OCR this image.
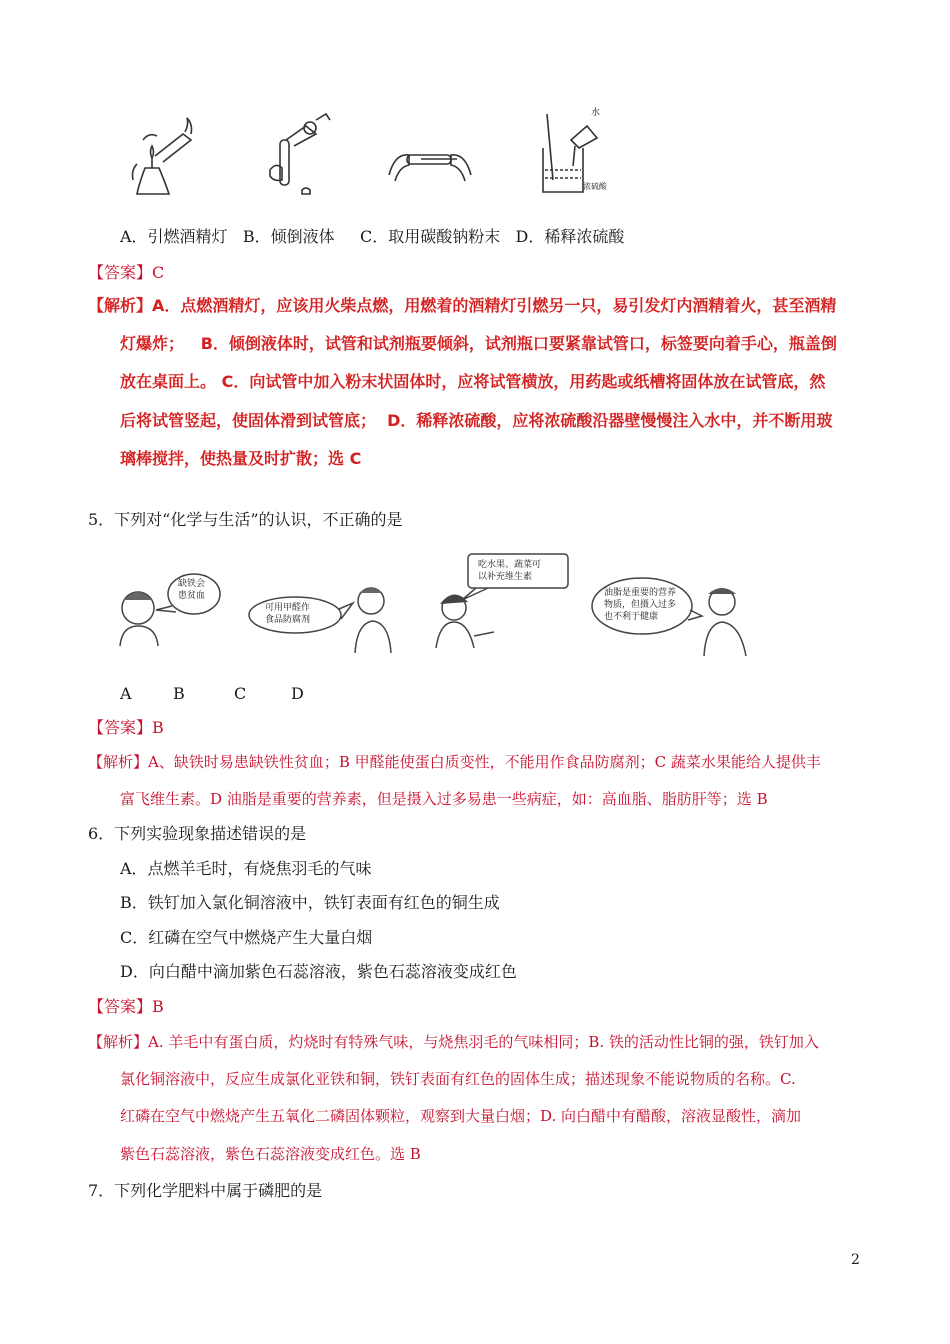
水
浓硫酸
A．引燃酒精灯   B．倾倒液体     C．取用碳酸钠粉末   D．稀释浓硫酸
【答案】C
【解析】A．点燃酒精灯，应该用火柴点燃，用燃着的酒精灯引燃另一只，易引发灯内酒精着火，甚至酒精
灯爆炸；   B．倾倒液体时，试管和试剂瓶要倾斜，试剂瓶口要紧靠试管口，标签要向着手心，瓶盖倒
放在桌面上。 C．向试管中加入粉末状固体时，应将试管横放，用药匙或纸槽将固体放在试管底，然
后将试管竖起，使固体滑到试管底；  D．稀释浓硫酸，应将浓硫酸沿器壁慢慢注入水中，并不断用玻
璃棒搅拌，使热量及时扩散；选 C
5．下列对“化学与生活”的认识，不正确的是
缺铁会
患贫血
可用甲醛作
食品防腐剂
吃水果、蔬菜可
以补充维生素
油脂是重要的营养
物质，但摄入过多
也不利于健康
A	B	C	D
【答案】B
【解析】A、缺铁时易患缺铁性贫血；B 甲醛能使蛋白质变性，不能用作食品防腐剂；C 蔬菜水果能给人提供丰
富飞维生素。D 油脂是重要的营养素，但是摄入过多易患一些病症，如：高血脂、脂肪肝等；选 B
6．下列实验现象描述错误的是
A．点燃羊毛时，有烧焦羽毛的气味
B．铁钉加入氯化铜溶液中，铁钉表面有红色的铜生成
C．红磷在空气中燃烧产生大量白烟
D．向白醋中滴加紫色石蕊溶液，紫色石蕊溶液变成红色
【答案】B
【解析】A. 羊毛中有蛋白质，灼烧时有特殊气味，与烧焦羽毛的气味相同；B. 铁的活动性比铜的强，铁钉加入
氯化铜溶液中，反应生成氯化亚铁和铜，铁钉表面有红色的固体生成；描述现象不能说物质的名称。C.
红磷在空气中燃烧产生五氧化二磷固体颗粒，观察到大量白烟；D. 向白醋中有醋酸，溶液显酸性，滴加
紫色石蕊溶液，紫色石蕊溶液变成红色。选 B
7．下列化学肥料中属于磷肥的是
2
